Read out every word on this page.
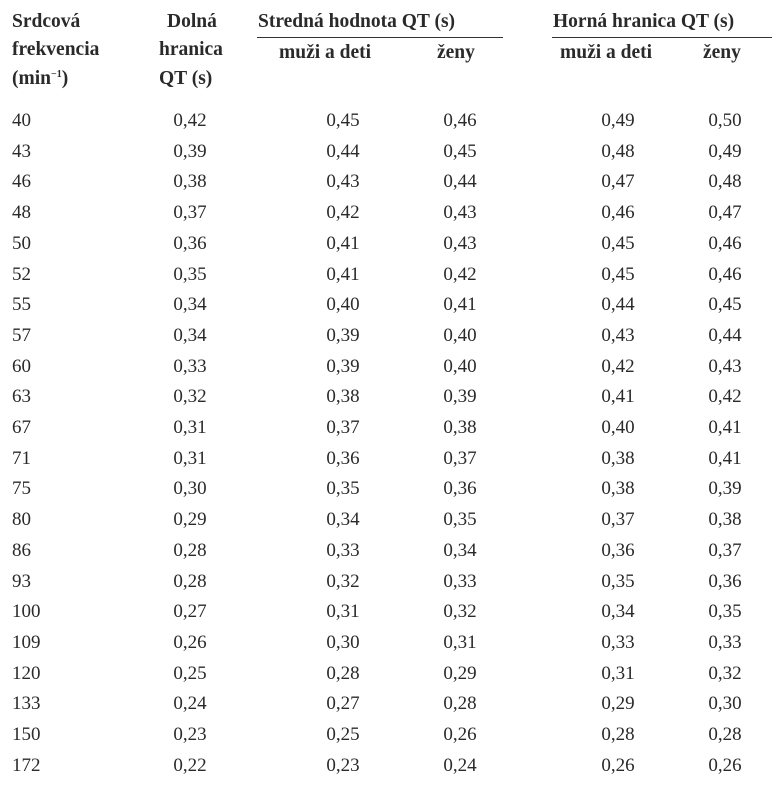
Srdcová
frekvencia
$(\min^{-1})$
Dolná
hranica
QT (s)
Stredná hodnota QT (s)
muži a deti	ženy
Horná hranica QT (s)
muži a deti	ženy
40	0,42	0,45	0,46	0,49	0,50
43	0,39	0,44	0,45	0,48	0,49
46	0,38	0,43	0,44	0,47	0,48
48	0,37	0,42	0,43	0,46	0,47
50	0,36	0,41	0,43	0,45	0,46
52	0,35	0,41	0,42	0,45	0,46
55	0,34	0,40	0,41	0,44	0,45
57	0,34	0,39	0,40	0,43	0,44
60	0,33	0,39	0,40	0,42	0,43
63	0,32	0,38	0,39	0,41	0,42
67	0,31	0,37	0,38	0,40	0,41
71	0,31	0,36	0,37	0,38	0,41
75	0,30	0,35	0,36	0,38	0,39
80	0,29	0,34	0,35	0,37	0,38
86	0,28	0,33	0,34	0,36	0,37
93	0,28	0,32	0,33	0,35	0,36
100	0,27	0,31	0,32	0,34	0,35
109	0,26	0,30	0,31	0,33	0,33
120	0,25	0,28	0,29	0,31	0,32
133	0,24	0,27	0,28	0,29	0,30
150	0,23	0,25	0,26	0,28	0,28
172	0,22	0,23	0,24	0,26	0,26
